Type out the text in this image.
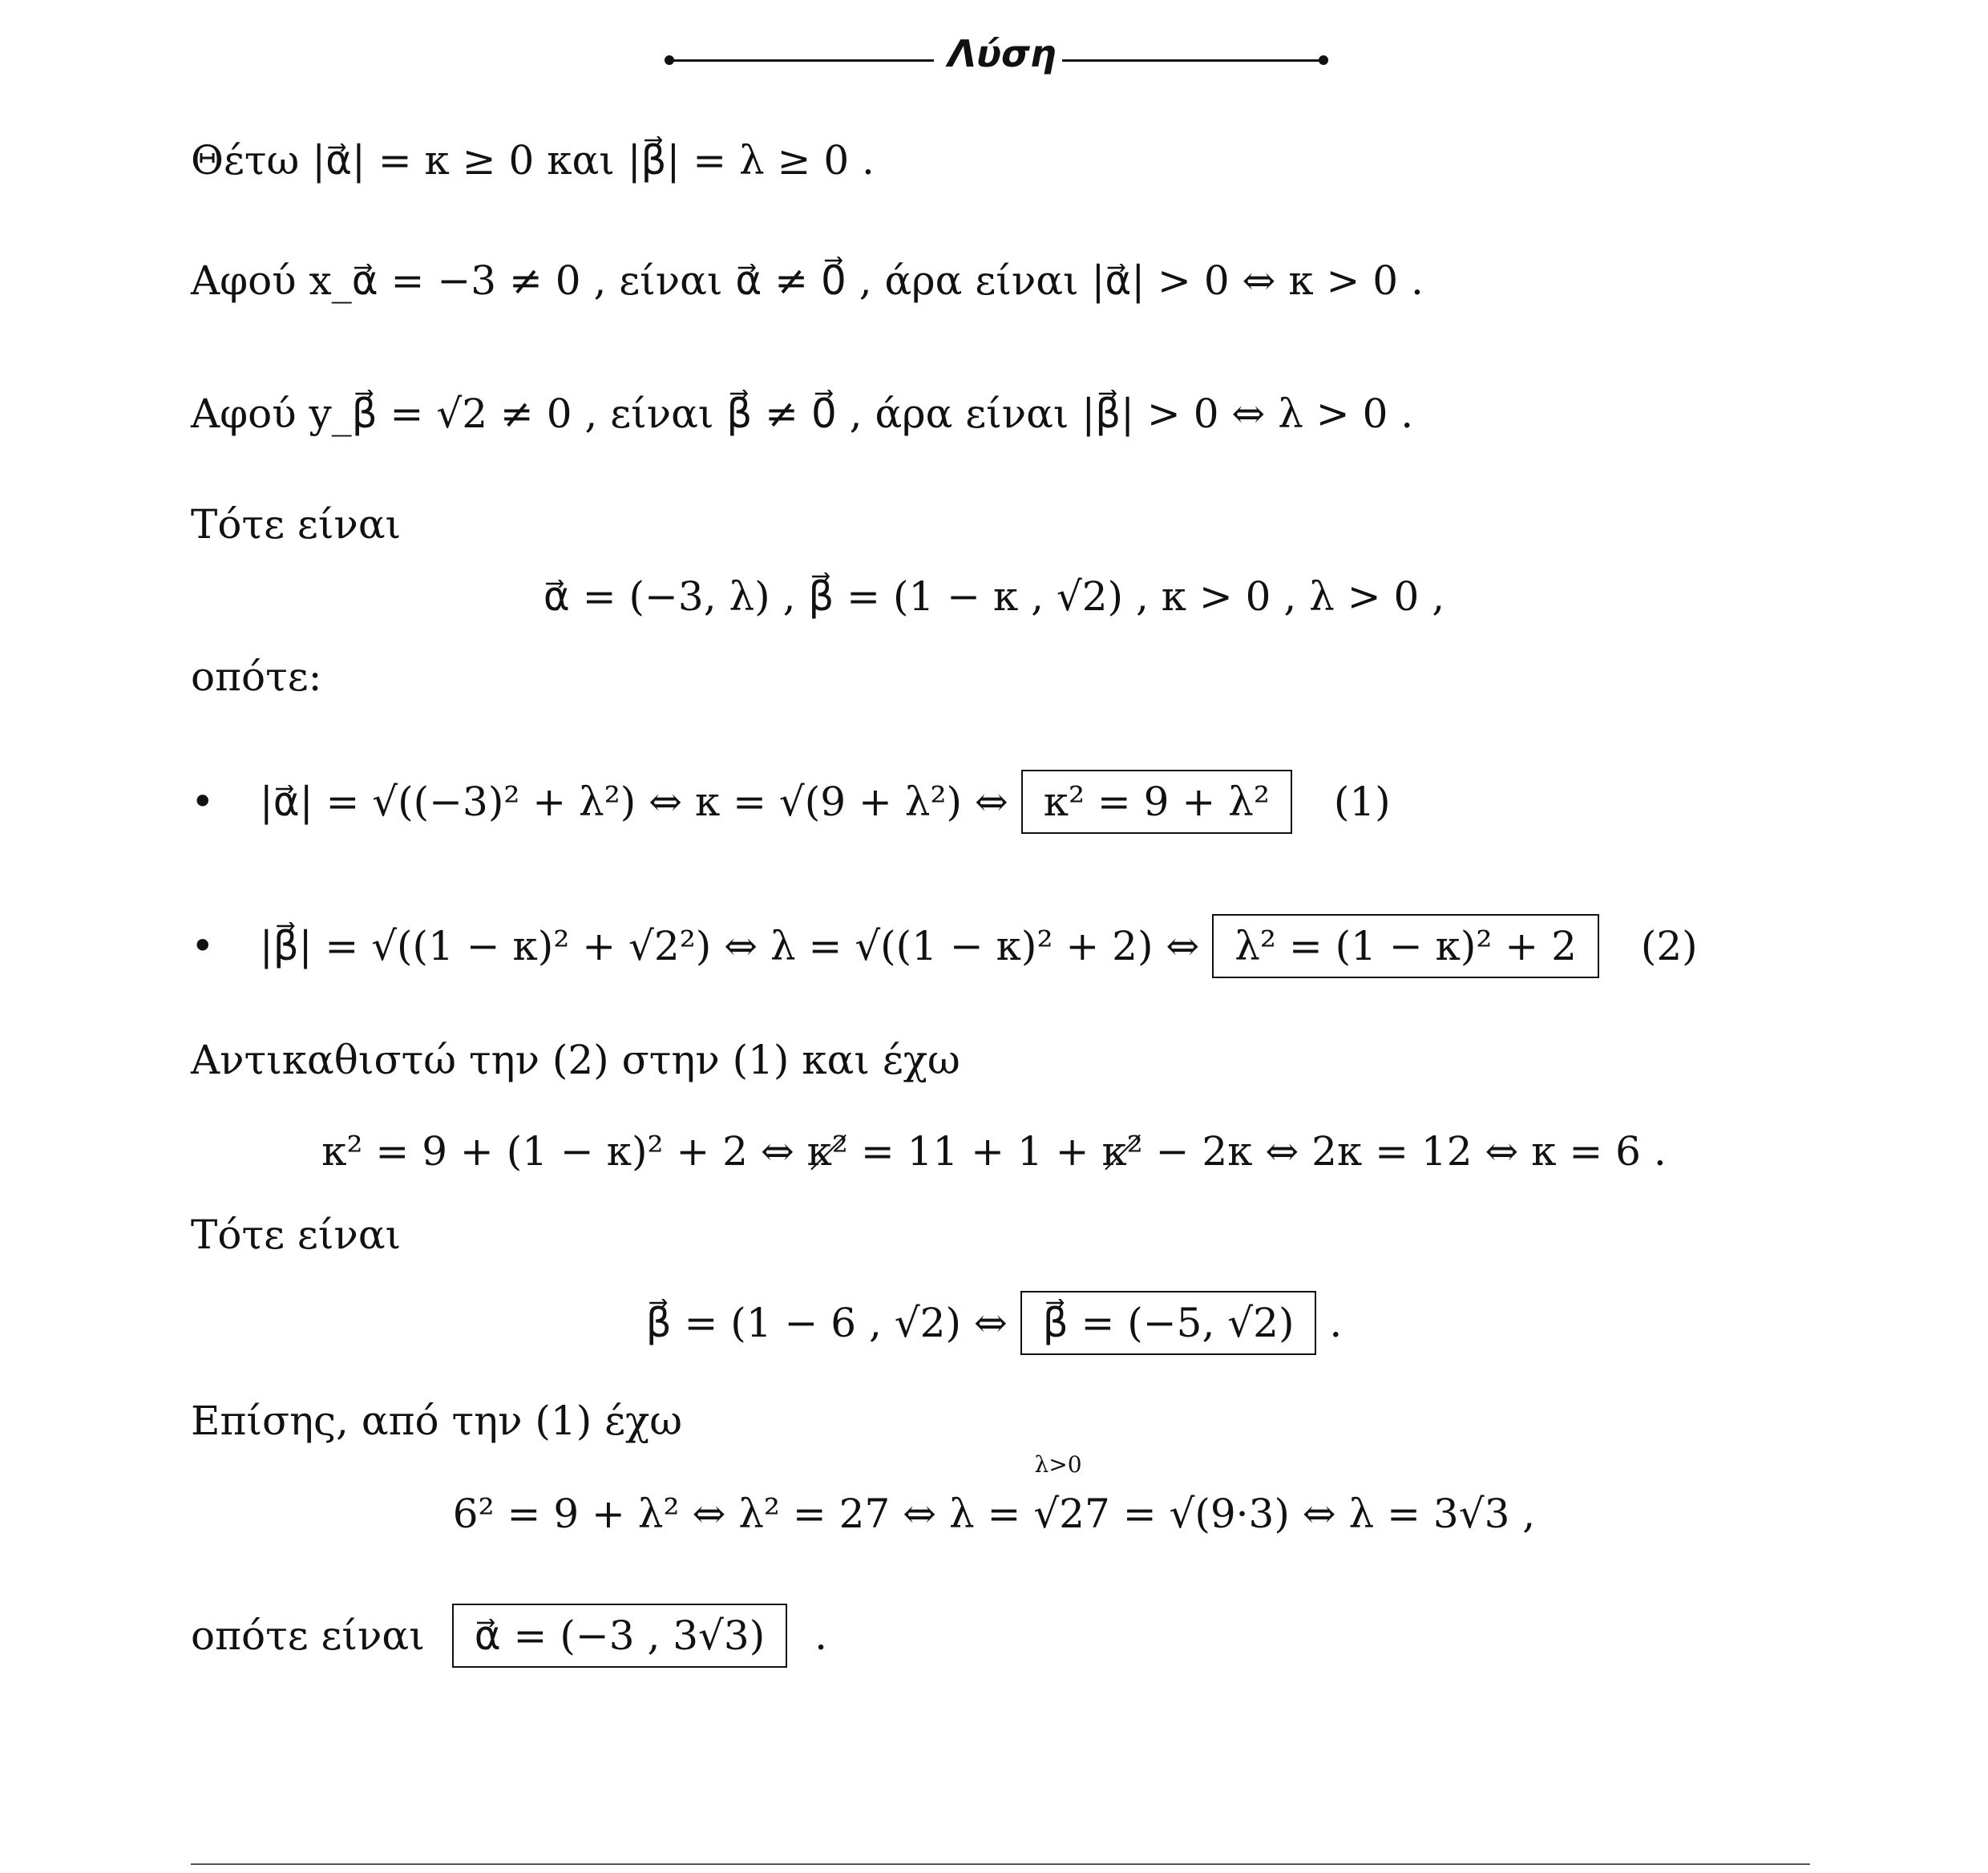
Λύση
Θέτω |α⃗| = κ ≥ 0 και |β⃗| = λ ≥ 0 .
Αφού x_α⃗ = −3 ≠ 0 , είναι α⃗ ≠ 0⃗ , άρα είναι |α⃗| > 0 ⇔ κ > 0 .
Αφού y_β⃗ = √2 ≠ 0 , είναι β⃗ ≠ 0⃗ , άρα είναι |β⃗| > 0 ⇔ λ > 0 .
Τότε είναι
α⃗ = (−3, λ) , β⃗ = (1 − κ , √2) , κ > 0 , λ > 0 ,
οπότε:
• |α⃗| = √((−3)² + λ²) ⇔ κ = √(9 + λ²) ⇔ κ² = 9 + λ² (1)
• |β⃗| = √((1 − κ)² + √2²) ⇔ λ = √((1 − κ)² + 2) ⇔ λ² = (1 − κ)² + 2 (2)
Αντικαθιστώ την (2) στην (1) και έχω
κ² = 9 + (1 − κ)² + 2 ⇔ κ² = 11 + 1 + κ² − 2κ ⇔ 2κ = 12 ⇔ κ = 6 .
Τότε είναι
β⃗ = (1 − 6 , √2) ⇔ β⃗ = (−5, √2) .
Επίσης, από την (1) έχω
λ>0
6² = 9 + λ² ⇔ λ² = 27 ⇔ λ = √27 = √(9·3) ⇔ λ = 3√3 ,
οπότε είναι α⃗ = (−3 , 3√3) .
